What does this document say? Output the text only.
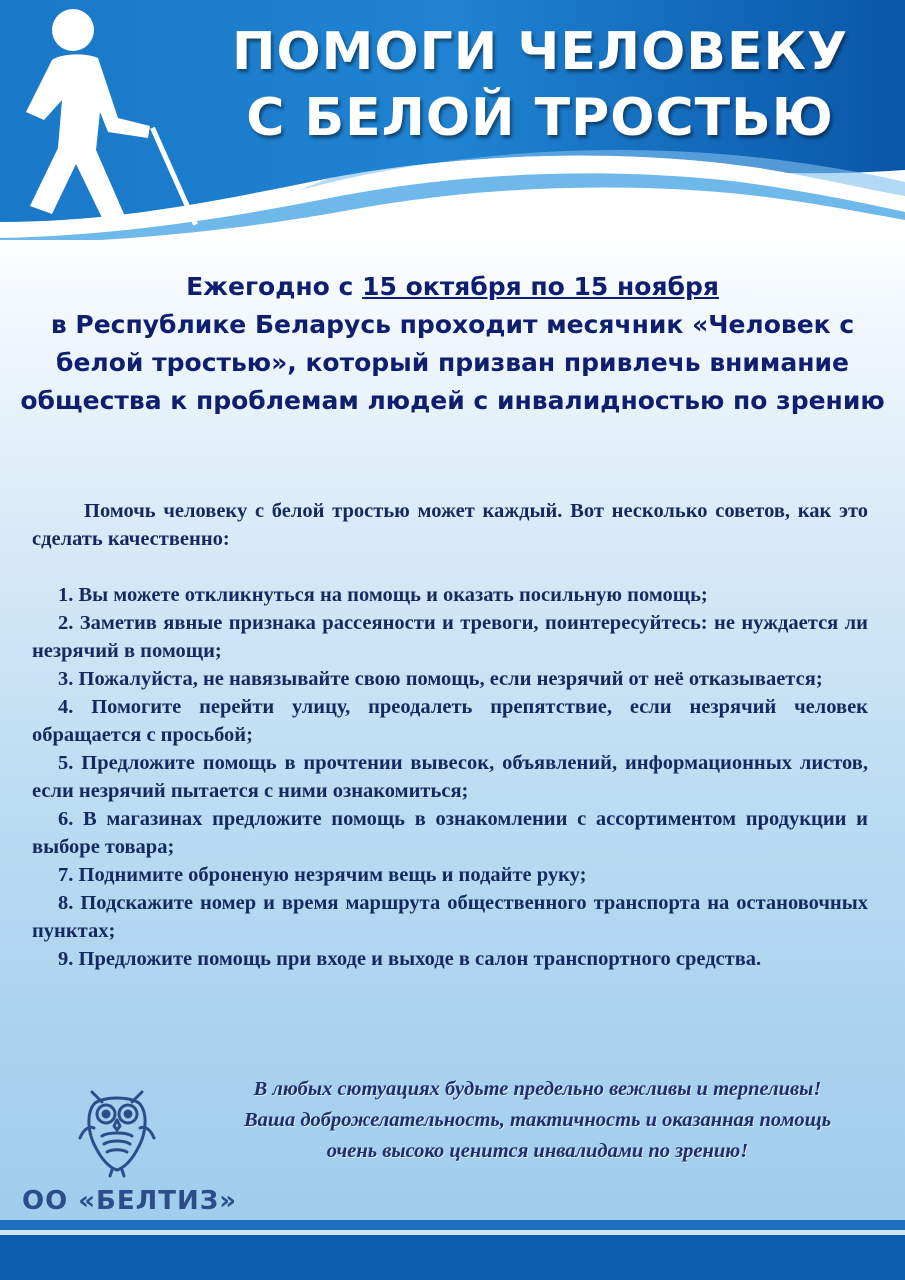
ПОМОГИ ЧЕЛОВЕКУ
С БЕЛОЙ ТРОСТЬЮ
Ежегодно с 15 октября по 15 ноября
в Республике Беларусь проходит месячник «Человек с белой тростью», который призван привлечь внимание общества к проблемам людей с инвалидностью по зрению

Помочь человеку с белой тростью может каждый. Вот несколько советов, как это сделать качественно:

1. Вы можете откликнуться на помощь и оказать посильную помощь;

2. Заметив явные признака рассеяности и тревоги, поинтересуйтесь: не нуждается ли незрячий в помощи;

3. Пожалуйста, не навязывайте свою помощь, если незрячий от неё отказывается;

4. Помогите перейти улицу, преодалеть препятствие, если незрячий человек обращается с просьбой;

5. Предложите помощь в прочтении вывесок, объявлений, информационных листов, если незрячий пытается с ними ознакомиться;

6. В магазинах предложите помощь в ознакомлении с ассортиментом продукции и выборе товара;

7. Поднимите оброненую незрячим вещь и подайте руку;

8. Подскажите номер и время маршрута общественного транспорта на остановочных пунктах;

9. Предложите помощь при входе и выходе в салон транспортного средства.

В любых сютуациях будьте предельно вежливы и терпеливы!
Ваша доброжелательность, тактичность и оказанная помощь
очень высоко ценится инвалидами по зрению!
ОО «БЕЛТИЗ»
